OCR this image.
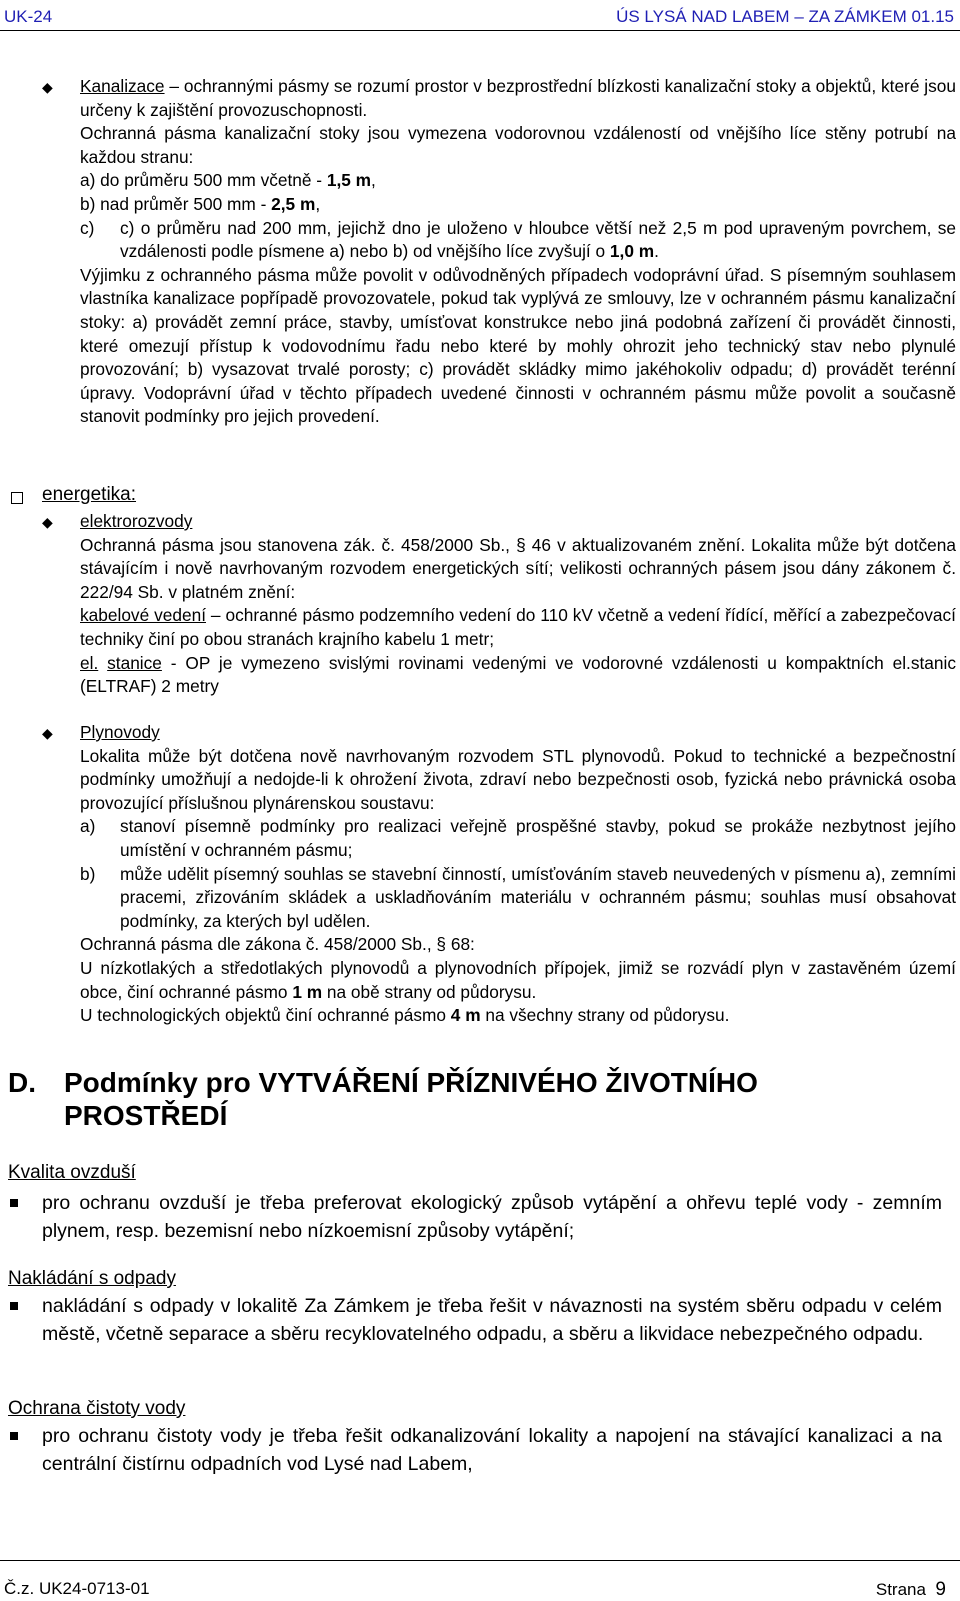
UK-24	ÚS LYSÁ NAD LABEM – ZA ZÁMKEM 01.15
◆ Kanalizace – ochrannými pásmy se rozumí prostor v bezprostřední blízkosti kanalizační stoky a objektů, které jsou určeny k zajištění provozuschopnosti.
Ochranná pásma kanalizační stoky jsou vymezena vodorovnou vzdáleností od vnějšího líce stěny potrubí na každou stranu:
a) do průměru 500 mm včetně - 1,5 m,
b) nad průměr 500 mm - 2,5 m,
c) c) o průměru nad 200 mm, jejichž dno je uloženo v hloubce větší než 2,5 m pod upraveným povrchem, se vzdálenosti podle písmene a) nebo b) od vnějšího líce zvyšují o 1,0 m.
Výjimku z ochranného pásma může povolit v odůvodněných případech vodoprávní úřad. S písemným souhlasem vlastníka kanalizace popřípadě provozovatele, pokud tak vyplývá ze smlouvy, lze v ochranném pásmu kanalizační stoky: a) provádět zemní práce, stavby, umísťovat konstrukce nebo jiná podobná zařízení či provádět činnosti, které omezují přístup k vodovodnímu řadu nebo které by mohly ohrozit jeho technický stav nebo plynulé provozování; b) vysazovat trvalé porosty; c) provádět skládky mimo jakéhokoliv odpadu; d) provádět terénní úpravy. Vodoprávní úřad v těchto případech uvedené činnosti v ochranném pásmu může povolit a současně stanovit podmínky pro jejich provedení.
energetika:
◆ elektrorozvody
Ochranná pásma jsou stanovena zák. č. 458/2000 Sb., § 46 v aktualizovaném znění. Lokalita může být dotčena stávajícím i nově navrhovaným rozvodem energetických sítí; velikosti ochranných pásem jsou dány zákonem č. 222/94 Sb. v platném znění:
kabelové vedení – ochranné pásmo podzemního vedení do 110 kV včetně a vedení řídící, měřící a zabezpečovací techniky činí po obou stranách krajního kabelu 1 metr;
el. stanice - OP je vymezeno svislými rovinami vedenými ve vodorovné vzdálenosti u kompaktních el.stanic (ELTRAF) 2 metry
◆ Plynovody
Lokalita může být dotčena nově navrhovaným rozvodem STL plynovodů. Pokud to technické a bezpečnostní podmínky umožňují a nedojde-li k ohrožení života, zdraví nebo bezpečnosti osob, fyzická nebo právnická osoba provozující příslušnou plynárenskou soustavu:
a) stanoví písemně podmínky pro realizaci veřejně prospěšné stavby, pokud se prokáže nezbytnost jejího umístění v ochranném pásmu;
b) může udělit písemný souhlas se stavební činností, umísťováním staveb neuvedených v písmenu a), zemními pracemi, zřizováním skládek a uskladňováním materiálu v ochranném pásmu; souhlas musí obsahovat podmínky, za kterých byl udělen.
Ochranná pásma dle zákona č. 458/2000 Sb., § 68:
U nízkotlakých a středotlakých plynovodů a plynovodních přípojek, jimiž se rozvádí plyn v zastavěném území obce, činí ochranné pásmo 1 m na obě strany od půdorysu.
U technologických objektů činí ochranné pásmo 4 m na všechny strany od půdorysu.
D. Podmínky pro VYTVÁŘENÍ PŘÍZNIVÉHO ŽIVOTNÍHO PROSTŘEDÍ
Kvalita ovzduší
pro ochranu ovzduší je třeba preferovat ekologický způsob vytápění a ohřevu teplé vody - zemním plynem, resp. bezemisní nebo nízkoemisní způsoby vytápění;
Nakládání s odpady
nakládání s odpady v lokalitě Za Zámkem je třeba řešit v návaznosti na systém sběru odpadu v celém městě, včetně separace a sběru recyklovatelného odpadu, a sběru a likvidace nebezpečného odpadu.
Ochrana čistoty vody
pro ochranu čistoty vody je třeba řešit odkanalizování lokality a napojení na stávající kanalizaci a na centrální čistírnu odpadních vod Lysé nad Labem,
Č.z. UK24-0713-01	Strana 9
